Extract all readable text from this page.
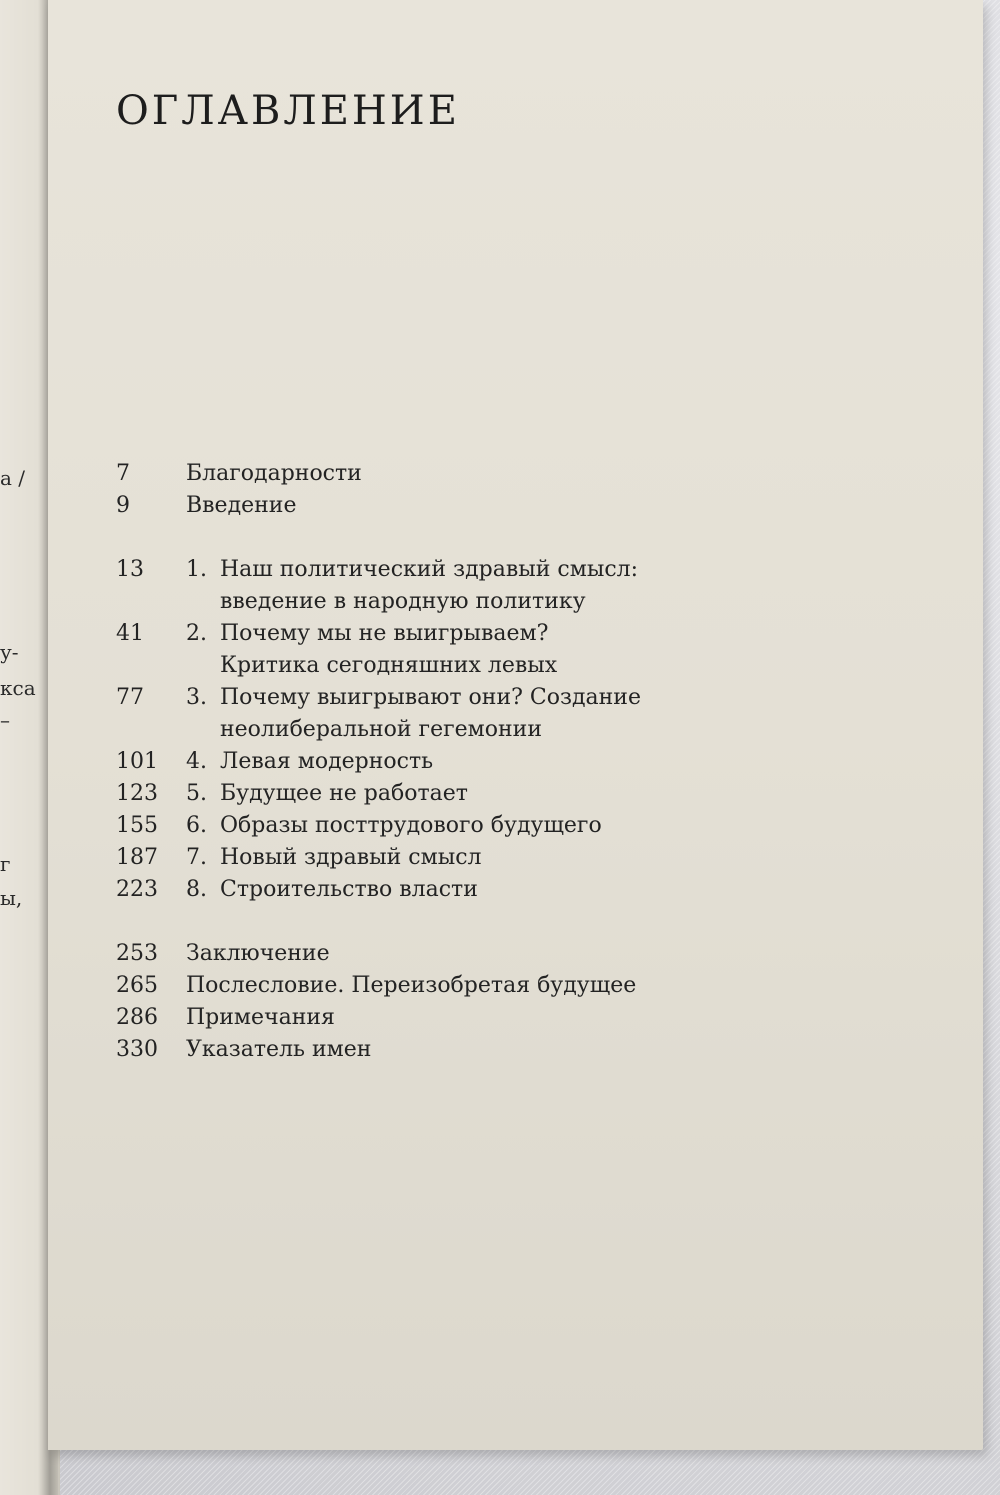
а /
у-
кса
–
г
ы,
ОГЛАВЛЕНИЕ
7	Благодарности
9	Введение
13	1. Наш политический здравый смысл:
введение в народную политику
41	2. Почему мы не выигрываем?
Критика сегодняшних левых
77	3. Почему выигрывают они? Создание
неолиберальной гегемонии
101	4. Левая модерность
123	5. Будущее не работает
155	6. Образы посттрудового будущего
187	7. Новый здравый смысл
223	8. Строительство власти
253	Заключение
265	Послесловие. Переизобретая будущее
286	Примечания
330	Указатель имен
